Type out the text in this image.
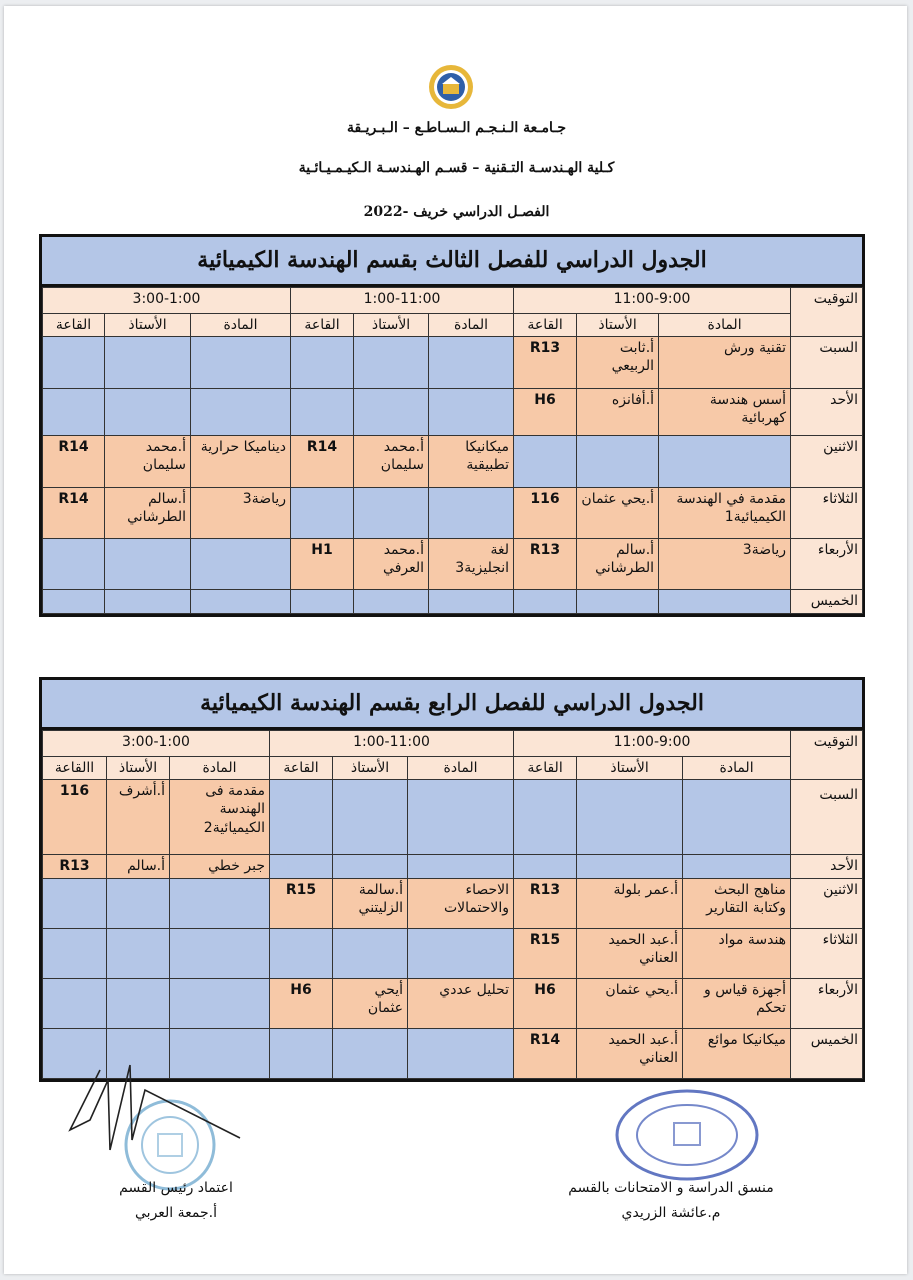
جـامـعة الـنـجـم الـسـاطـع – الـبـريـقة
كـلية الهـندسـة التـقنية – قسـم الهـندسـة الـكيـمـيـائـية
الفصـل الدراسي خريف -2022
الجدول الدراسي للفصل الثالث بقسم الهندسة الكيميائية
التوقيت	11:00-9:00			1:00-11:00			3:00-1:00		
	المادة	الأستاذ	القاعة	المادة	الأستاذ	القاعة	المادة	الأستاذ	القاعة
السبت	تقنية ورش	أ.ثابت الربيعي	R13						
الأحد	أسس هندسة كهربائية	أ.أفانزه	H6						
الاثنين				ميكانيكا تطبيقية	أ.محمد سليمان	R14	ديناميكا حرارية	أ.محمد سليمان	R14
الثلاثاء	مقدمة في الهندسة الكيميائية1	أ.يحي عثمان	116				رياضة3	أ.سالم الطرشاني	R14
الأربعاء	رياضة3	أ.سالم الطرشاني	R13	لغة انجليزية3	أ.محمد العرفي	H1			
الخميس									
الجدول الدراسي للفصل الرابع بقسم الهندسة الكيميائية
التوقيت	11:00-9:00			1:00-11:00			3:00-1:00		
	المادة	الأستاذ	القاعة	المادة	الأستاذ	القاعة	المادة	الأستاذ	االقاعة
السبت							مقدمة فى الهندسة الكيميائية2	أ.أشرف	116
الأحد							جبر خطي	أ.سالم	R13
الاثنين	مناهج البحث وكتابة التقارير	أ.عمر بلولة	R13	الاحصاء والاحتمالات	أ.سالمة الزليتني	R15			
الثلاثاء	هندسة مواد	أ.عبد الحميد العناني	R15						
الأربعاء	أجهزة قياس و تحكم	أ.يحي عثمان	H6	تحليل عددي	أيحي عثمان	H6			
الخميس	ميكانيكا موائع	أ.عبد الحميد العناني	R14						
منسق الدراسة و الامتحانات بالقسم
م.عائشة الزريدي
اعتماد رئيس القسم
أ.جمعة العربي
